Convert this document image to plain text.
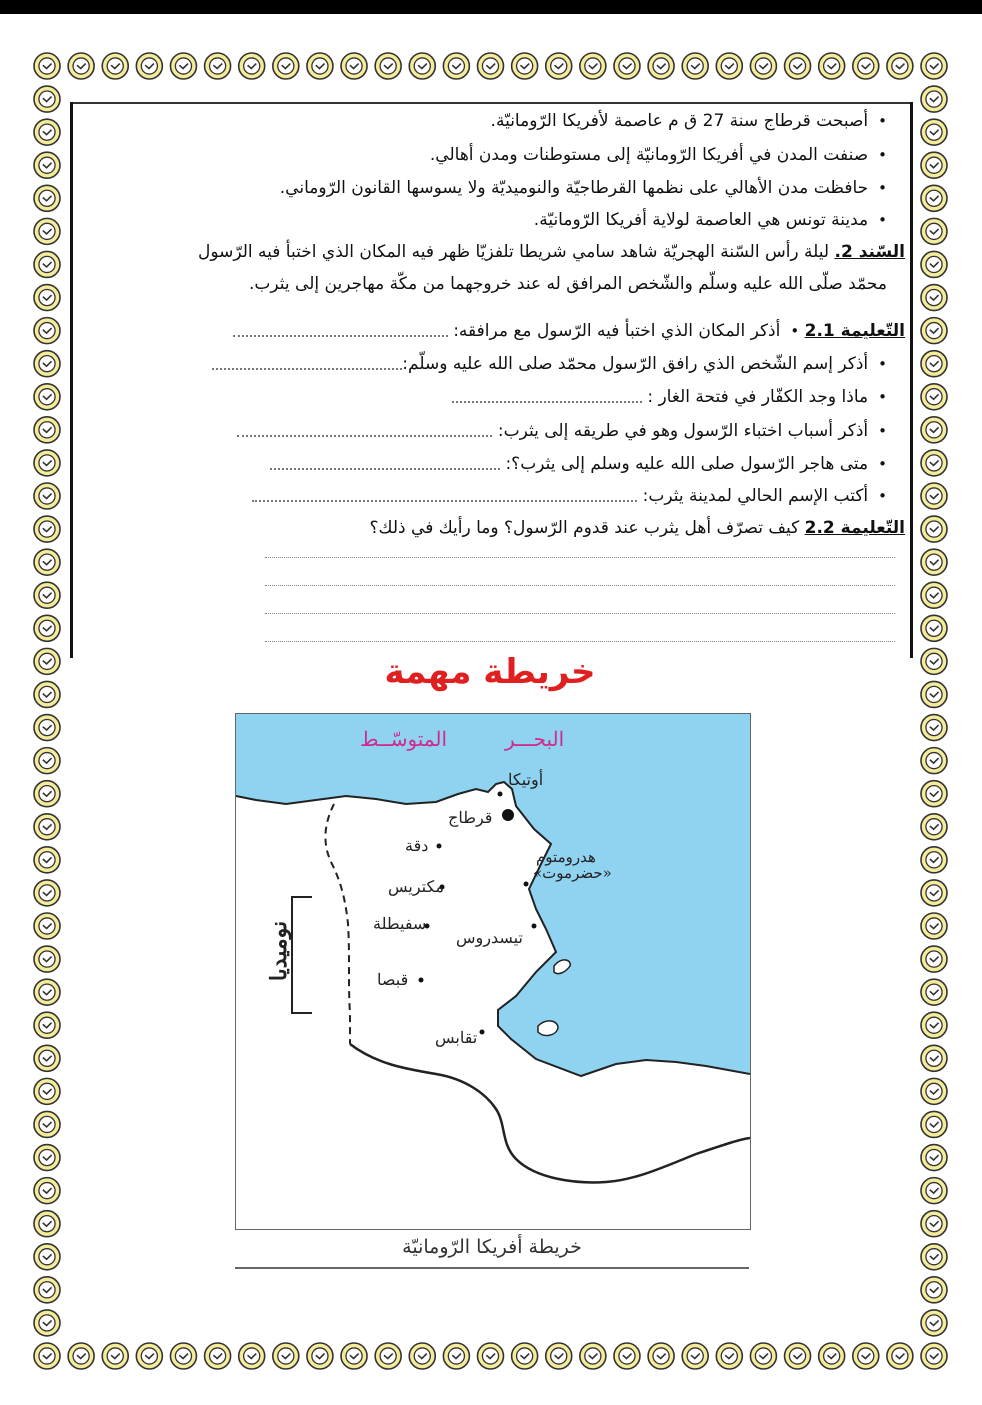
•أصبحت قرطاج سنة 27 ق م عاصمة لأفريكا الرّومانيّة.
•صنفت المدن في أفريكا الرّومانيّة إلى مستوطنات ومدن أهالي.
•حافظت مدن الأهالي على نظمها القرطاجيّة والنوميديّة ولا يسوسها القانون الرّوماني.
•مدينة تونس هي العاصمة لولاية أفريكا الرّومانيّة.
السّند 2. ليلة رأس السّنة الهجريّة شاهد سامي شريطا تلفزيّا ظهر فيه المكان الذي اختبأ فيه الرّسول
محمّد صلّى الله عليه وسلّم والشّخص المرافق له عند خروجهما من مكّة مهاجرين إلى يثرب.
التّعليمة 2.1 •أذكر المكان الذي اختبأ فيه الرّسول مع مرافقه:
•أذكر إسم الشّخص الذي رافق الرّسول محمّد صلى الله عليه وسلّم:
•ماذا وجد الكفّار في فتحة الغار :
•أذكر أسباب اختباء الرّسول وهو في طريقه إلى يثرب:
•متى هاجر الرّسول صلى الله عليه وسلم إلى يثرب؟:
•أكتب الإسم الحالي لمدينة يثرب:
التّعليمة 2.2 كيف تصرّف أهل يثرب عند قدوم الرّسول؟ وما رأيك في ذلك؟
خريطة مهمة
البحـــر
المتوسّــط
أوتيكا
قرطاج
دقة
هدرومتوم
«حضرموت»
مكتريس
سفيطلة
تيسدروس
قبصا
تقابس
نوميديا
خريطة أفريكا الرّومانيّة
